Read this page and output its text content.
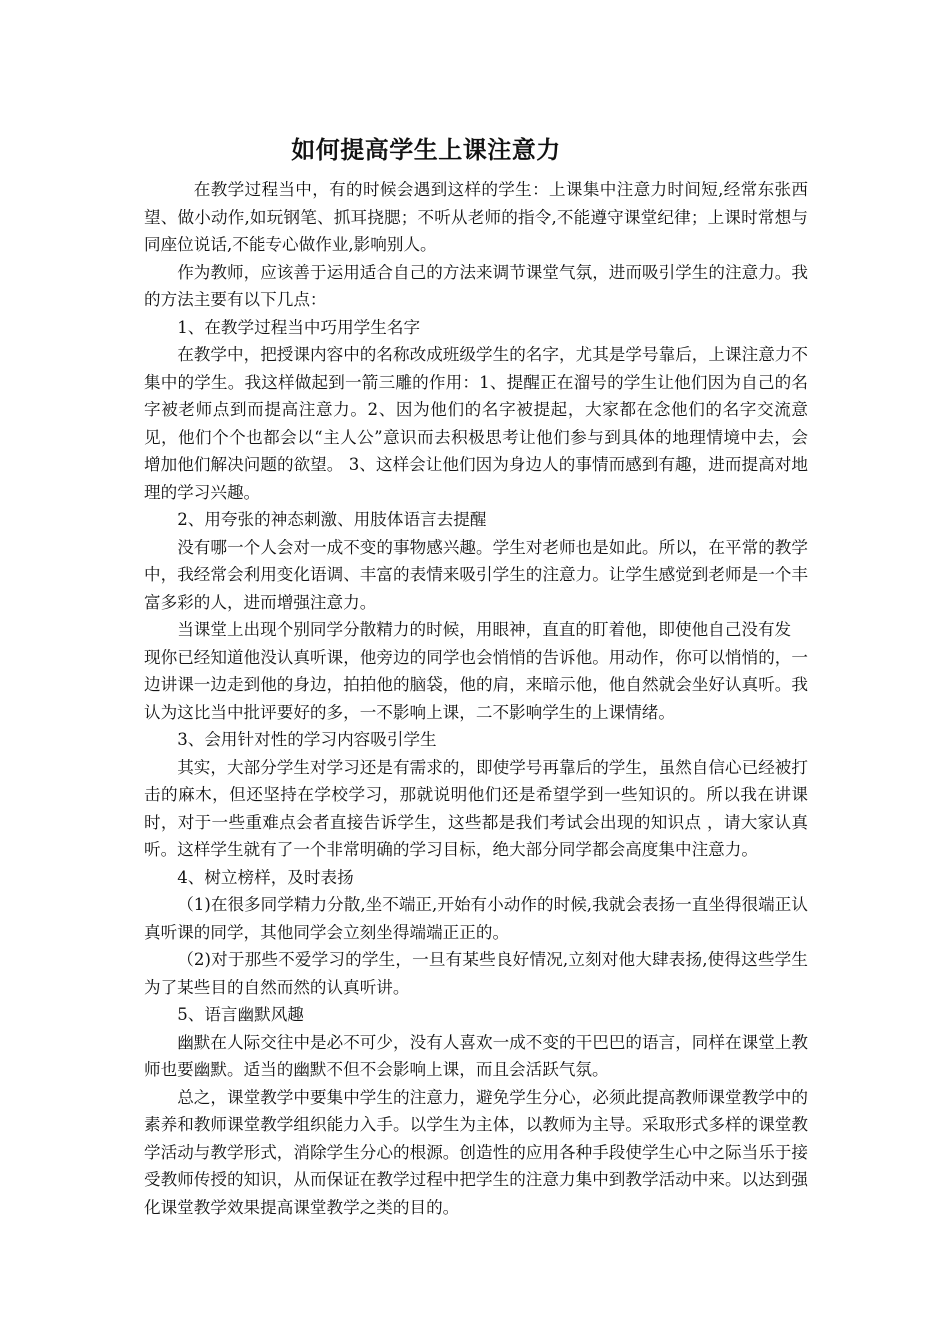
如何提高学生上课注意力

在教学过程当中，有的时候会遇到这样的学生：上课集中注意力时间短,经常东张西望、做小动作,如玩钢笔、抓耳挠腮；不听从老师的指令,不能遵守课堂纪律；上课时常想与同座位说话,不能专心做作业,影响别人。

作为教师，应该善于运用适合自己的方法来调节课堂气氛，进而吸引学生的注意力。我的方法主要有以下几点：

1、在教学过程当中巧用学生名字

在教学中，把授课内容中的名称改成班级学生的名字，尤其是学号靠后，上课注意力不集中的学生。我这样做起到一箭三雕的作用：1、提醒正在溜号的学生让他们因为自己的名字被老师点到而提高注意力。2、因为他们的名字被提起，大家都在念他们的名字交流意见，他们个个也都会以“主人公”意识而去积极思考让他们参与到具体的地理情境中去，会增加他们解决问题的欲望。 3、这样会让他们因为身边人的事情而感到有趣，进而提高对地理的学习兴趣。

2、用夸张的神态刺激、用肢体语言去提醒

没有哪一个人会对一成不变的事物感兴趣。学生对老师也是如此。所以，在平常的教学中，我经常会利用变化语调、丰富的表情来吸引学生的注意力。让学生感觉到老师是一个丰富多彩的人，进而增强注意力。

当课堂上出现个别同学分散精力的时候，用眼神，直直的盯着他，即使他自己没有发

现你已经知道他没认真听课，他旁边的同学也会悄悄的告诉他。用动作，你可以悄悄的，一边讲课一边走到他的身边，拍拍他的脑袋，他的肩，来暗示他，他自然就会坐好认真听。我认为这比当中批评要好的多，一不影响上课，二不影响学生的上课情绪。

3、会用针对性的学习内容吸引学生

其实，大部分学生对学习还是有需求的，即使学号再靠后的学生，虽然自信心已经被打击的麻木，但还坚持在学校学习，那就说明他们还是希望学到一些知识的。所以我在讲课时，对于一些重难点会者直接告诉学生，这些都是我们考试会出现的知识点 ，请大家认真听。这样学生就有了一个非常明确的学习目标，绝大部分同学都会高度集中注意力。

4、树立榜样，及时表扬

（1)在很多同学精力分散,坐不端正,开始有小动作的时候,我就会表扬一直坐得很端正认真听课的同学，其他同学会立刻坐得端端正正的。

（2)对于那些不爱学习的学生，一旦有某些良好情况,立刻对他大肆表扬,使得这些学生为了某些目的自然而然的认真听讲。

5、语言幽默风趣

幽默在人际交往中是必不可少，没有人喜欢一成不变的干巴巴的语言，同样在课堂上教师也要幽默。适当的幽默不但不会影响上课，而且会活跃气氛。

总之，课堂教学中要集中学生的注意力，避免学生分心，必须此提高教师课堂教学中的素养和教师课堂教学组织能力入手。以学生为主体，以教师为主导。采取形式多样的课堂教学活动与教学形式，消除学生分心的根源。创造性的应用各种手段使学生心中之际当乐于接受教师传授的知识，从而保证在教学过程中把学生的注意力集中到教学活动中来。以达到强化课堂教学效果提高课堂教学之类的目的。
